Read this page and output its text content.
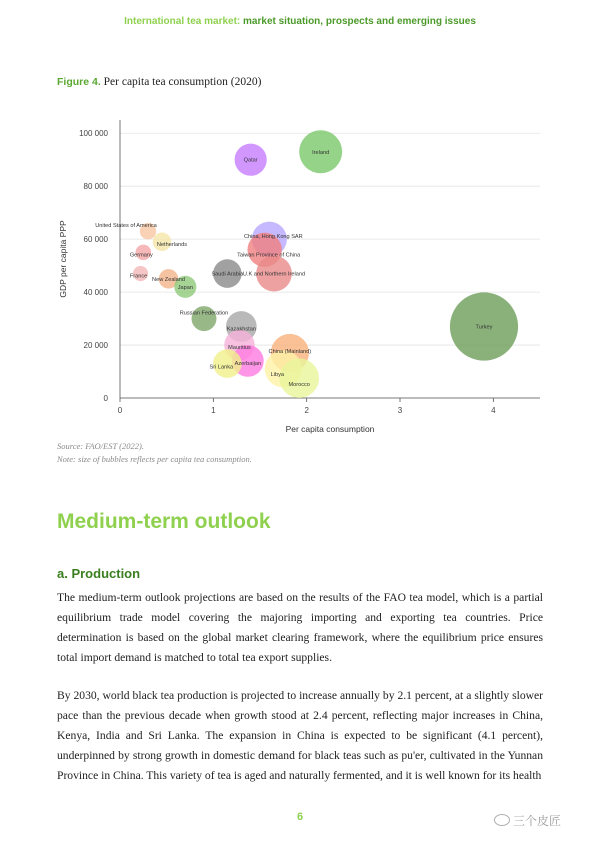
International tea market: market situation, prospects and emerging issues
Figure 4. Per capita tea consumption (2020)
0
20 000
40 000
60 000
80 000
100 000
0	1	2	3	4
Qatar
Ireland
United States of America
Netherlands
Germany
China, Hong Kong SAR
Taiwan Province of China
France
New Zealand
Japan
Saudi Arabia U.K and Northern Ireland
Russian Federation
Kazakhstan	Turkey
Mauritius
Azerbaijan
Sri Lanka
China (Mainland)
Libya
Morocco
Per capita consumption
GDP per capita PPP
Source: FAO/EST (2022).
Note: size of bubbles reflects per capita tea consumption.
Medium-term outlook
a. Production
The medium-term outlook projections are based on the results of the FAO tea model, which is a partial equilibrium trade model covering the majoring importing and exporting tea countries. Price determination is based on the global market clearing framework, where the equilibrium price ensures total import demand is matched to total tea export supplies.
By 2030, world black tea production is projected to increase annually by 2.1 percent, at a slightly slower pace than the previous decade when growth stood at 2.4 percent, reflecting major increases in China, Kenya, India and Sri Lanka. The expansion in China is expected to be significant (4.1 percent), underpinned by strong growth in domestic demand for black teas such as pu'er, cultivated in the Yunnan Province in China. This variety of tea is aged and naturally fermented, and it is well known for its health
6	三个皮匠
